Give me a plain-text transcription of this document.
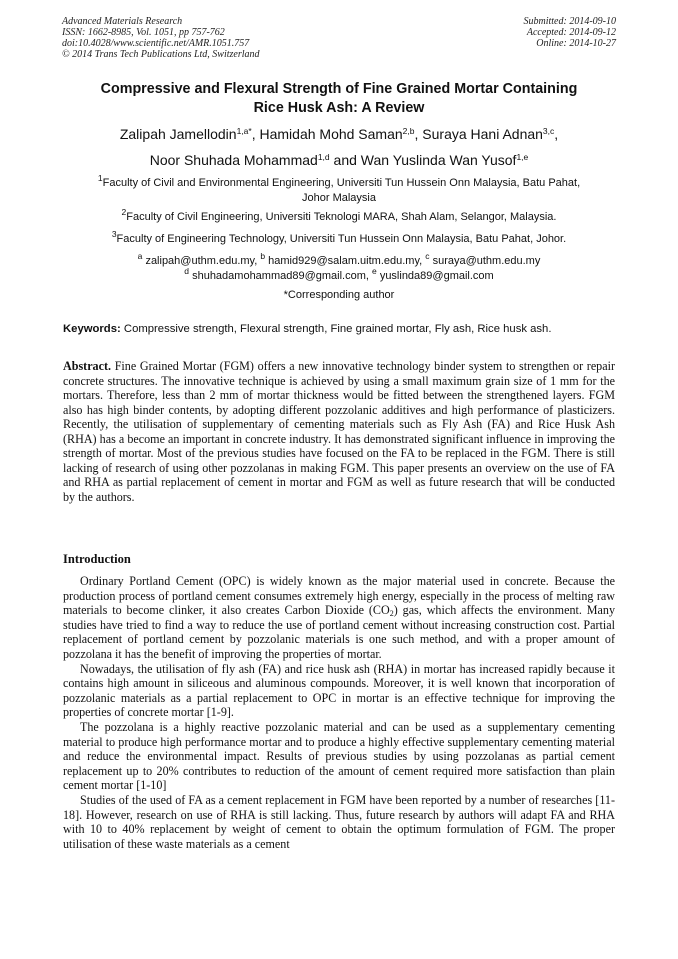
Advanced Materials Research
ISSN: 1662-8985, Vol. 1051, pp 757-762
doi:10.4028/www.scientific.net/AMR.1051.757
© 2014 Trans Tech Publications Ltd, Switzerland
Submitted: 2014-09-10
Accepted: 2014-09-12
Online: 2014-10-27
Compressive and Flexural Strength of Fine Grained Mortar Containing
Rice Husk Ash: A Review
Zalipah Jamellodin$^{1,a*}$, Hamidah Mohd Saman$^{2,b}$, Suraya Hani Adnan$^{3,c}$,
Noor Shuhada Mohammad$^{1,d}$ and Wan Yuslinda Wan Yusof$^{1,e}$
$^1$Faculty of Civil and Environmental Engineering, Universiti Tun Hussein Onn Malaysia, Batu Pahat,
Johor Malaysia
$^2$Faculty of Civil Engineering, Universiti Teknologi MARA, Shah Alam, Selangor, Malaysia.
$^3$Faculty of Engineering Technology, Universiti Tun Hussein Onn Malaysia, Batu Pahat, Johor.
$^a$ zalipah@uthm.edu.my, $^b$ hamid929@salam.uitm.edu.my, $^c$ suraya@uthm.edu.my
$^d$ shuhadamohammad89@gmail.com, $^e$ yuslinda89@gmail.com
*Corresponding author
Keywords: Compressive strength, Flexural strength, Fine grained mortar, Fly ash, Rice husk ash.
Abstract. Fine Grained Mortar (FGM) offers a new innovative technology binder system to strengthen or repair concrete structures. The innovative technique is achieved by using a small maximum grain size of 1 mm for the mortars. Therefore, less than 2 mm of mortar thickness would be fitted between the strengthened layers. FGM also has high binder contents, by adopting different pozzolanic additives and high performance of plasticizers. Recently, the utilisation of supplementary of cementing materials such as Fly Ash (FA) and Rice Husk Ash (RHA) has a become an important in concrete industry. It has demonstrated significant influence in improving the strength of mortar. Most of the previous studies have focused on the FA to be replaced in the FGM. There is still lacking of research of using other pozzolanas in making FGM. This paper presents an overview on the use of FA and RHA as partial replacement of cement in mortar and FGM as well as future research that will be conducted by the authors.
Introduction

Ordinary Portland Cement (OPC) is widely known as the major material used in concrete. Because the production process of portland cement consumes extremely high energy, especially in the process of melting raw materials to become clinker, it also creates Carbon Dioxide $(CO_2)$ gas, which affects the environment. Many studies have tried to find a way to reduce the use of portland cement without increasing construction cost. Partial replacement of portland cement by pozzolanic materials is one such method, and with a proper amount of pozzolana it has the benefit of improving the properties of mortar.

Nowadays, the utilisation of fly ash (FA) and rice husk ash (RHA) in mortar has increased rapidly because it contains high amount in siliceous and aluminous compounds. Moreover, it is well known that incorporation of pozzolanic materials as a partial replacement to OPC in mortar is an effective technique for improving the properties of concrete mortar [1-9].

The pozzolana is a highly reactive pozzolanic material and can be used as a supplementary cementing material to produce high performance mortar and to produce a highly effective supplementary cementing material and reduce the environmental impact. Results of previous studies by using pozzolanas as partial cement replacement up to 20% contributes to reduction of the amount of cement required more satisfaction than plain cement mortar [1-10]

Studies of the used of FA as a cement replacement in FGM have been reported by a number of researches [11-18]. However, research on use of RHA is still lacking. Thus, future research by authors will adapt FA and RHA with 10 to 40% replacement by weight of cement to obtain the optimum formulation of FGM. The proper utilisation of these waste materials as a cement
